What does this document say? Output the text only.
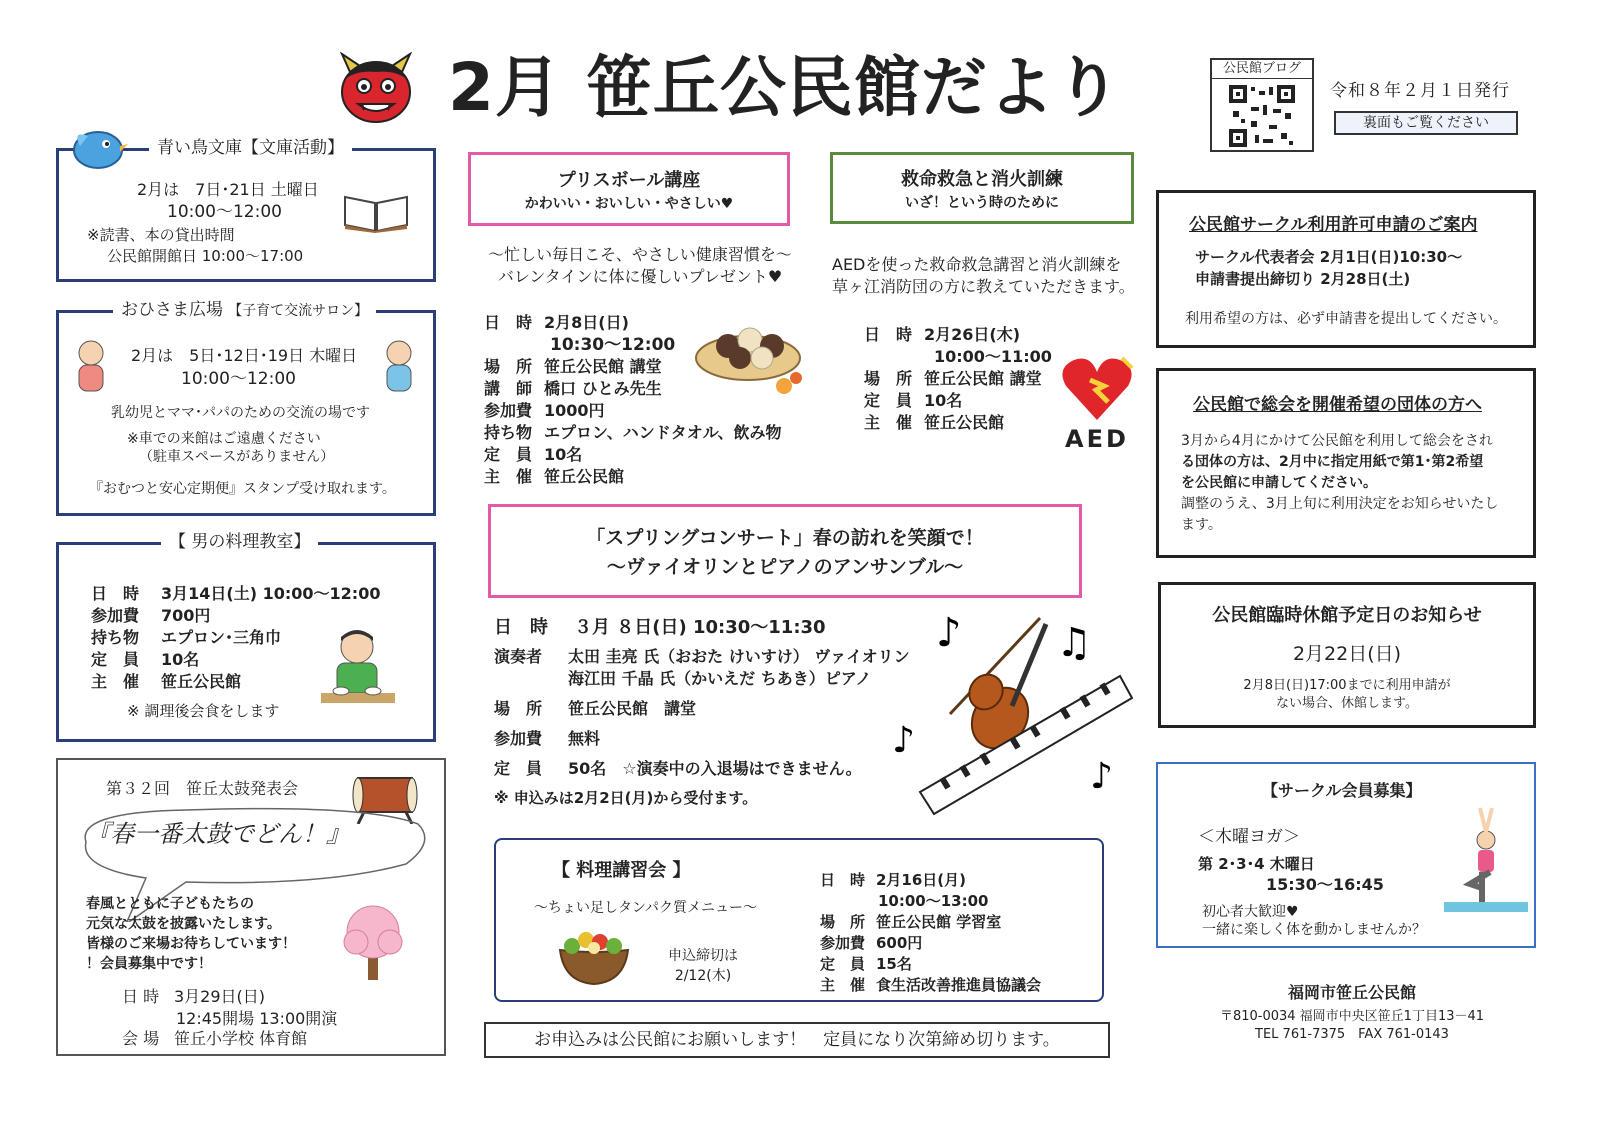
2月 笹丘公民館だより	公民館ブログ
令和８年２月１日発行
裏面もご覧ください
青い鳥文庫【文庫活動】
2月は　7日･21日 土曜日
10:00～12:00
※読書、本の貸出時間
公民館開館日 10:00～17:00
おひさま広場 【子育て交流サロン】
2月は　5日･12日･19日 木曜日
10:00～12:00
乳幼児とママ･パパのための交流の場です
※車での来館はご遠慮ください
（駐車スペースがありません）
『おむつと安心定期便』スタンプ受け取れます。
【 男の料理教室】
日　時	3月14日(土) 10:00～12:00
参加費	700円
持ち物	エプロン･三角巾
定　員	10名
主　催	笹丘公民館
※ 調理後会食をします
第３２回　笹丘太鼓発表会
『春一番太鼓でどん！』
春風とともに子どもたちの
元気な太鼓を披露いたします。
皆様のご来場お待ちしています！
！会員募集中です！
日 時 3月29日(日)
12:45開場 13:00開演
会 場 笹丘小学校 体育館
プリスボール講座
かわいい・おいしい・やさしい♥
～忙しい毎日こそ、やさしい健康習慣を～
バレンタインに体に優しいプレゼント♥
日　時 2月8日(日)
10:30～12:00
場　所 笹丘公民館 講堂
講　師 橋口 ひとみ先生
参加費 1000円
持ち物 エプロン、ハンドタオル、飲み物
定　員 10名
主　催 笹丘公民館
救命救急と消火訓練
いざ！という時のために
AEDを使った救命救急講習と消火訓練を
草ヶ江消防団の方に教えていただきます。
日　時 2月26日(木)
10:00～11:00
場　所 笹丘公民館 講堂
定　員 10名
主　催 笹丘公民館
AED
「スプリングコンサート」春の訪れを笑顔で！
～ヴァイオリンとピアノのアンサンブル～
日　時 ３月 ８日(日) 10:30～11:30
演奏者	太田 圭亮 氏（おおた けいすけ） ヴァイオリン
海江田 千晶 氏（かいえだ ちあき）ピアノ
場　所	笹丘公民館　講堂
参加費	無料
定　員	50名　☆演奏中の入退場はできません。
※ 申込みは2月2日(月)から受付ます。
♪ ♫
♪
♪
【 料理講習会 】
～ちょい足しタンパク質メニュー～
申込締切は
2/12(木)
日　時 2月16日(月)
10:00～13:00
場　所 笹丘公民館 学習室
参加費 600円
定　員 15名
主　催 食生活改善推進員協議会
お申込みは公民館にお願いします！　定員になり次第締め切ります。
公民館サークル利用許可申請のご案内
サークル代表者会 2月1日(日)10:30～
申請書提出締切り 2月28日(土)
利用希望の方は、必ず申請書を提出してください。
公民館で総会を開催希望の団体の方へ
3月から4月にかけて公民館を利用して総会をされ
る団体の方は、2月中に指定用紙で第1･第2希望
を公民館に申請してください。
調整のうえ、3月上旬に利用決定をお知らせいたし
ます。
公民館臨時休館予定日のお知らせ
2月22日(日)
2月8日(日)17:00までに利用申請が
ない場合、休館します。
【サークル会員募集】
＜木曜ヨガ＞
第 2･3･4 木曜日
15:30～16:45
初心者大歓迎♥
一緒に楽しく体を動かしませんか？
福岡市笹丘公民館
〒810-0034 福岡市中央区笹丘1丁目13－41
TEL 761-7375　FAX 761-0143
